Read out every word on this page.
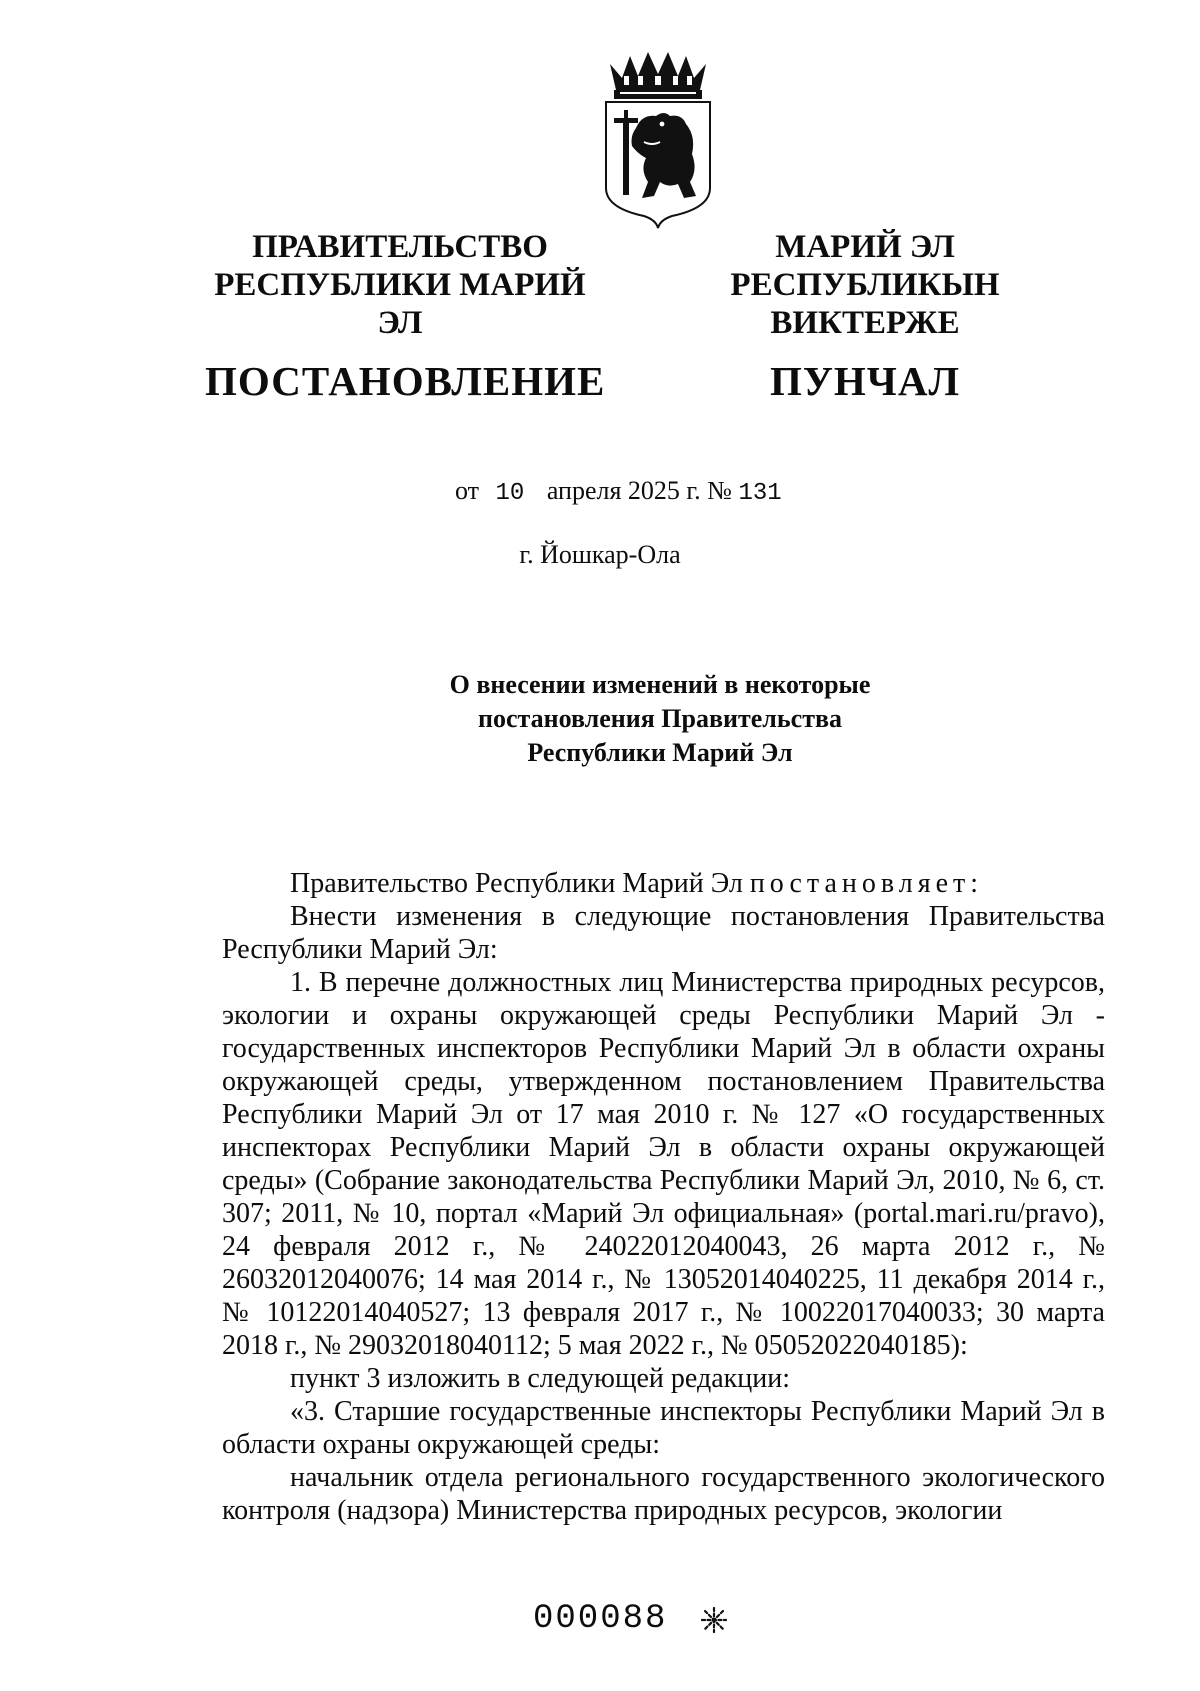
ПРАВИТЕЛЬСТВО
РЕСПУБЛИКИ МАРИЙ ЭЛ
ПОСТАНОВЛЕНИЕ
МАРИЙ ЭЛ РЕСПУБЛИКЫН
ВИКТЕРЖЕ
ПУНЧАЛ
от 10 апреля 2025 г. № 131
г. Йошкар-Ола
О внесении изменений в некоторые
постановления Правительства
Республики Марий Эл

Правительство Республики Марий Эл постановляет:

Внести изменения в следующие постановления Правительства Республики Марий Эл:

1. В перечне должностных лиц Министерства природных ресурсов, экологии и охраны окружающей среды Республики Марий Эл - государственных инспекторов Республики Марий Эл в области охраны окружающей среды, утвержденном постановлением Правительства Республики Марий Эл от 17 мая 2010 г. № 127 «О государственных инспекторах Республики Марий Эл в области охраны окружающей среды» (Собрание законодательства Республики Марий Эл, 2010, № 6, ст. 307; 2011, № 10, портал «Марий Эл официальная» (portal.mari.ru/pravo), 24 февраля 2012 г., № 24022012040043, 26 марта 2012 г., № 26032012040076; 14 мая 2014 г., № 13052014040225, 11 декабря 2014 г., № 10122014040527; 13 февраля 2017 г., № 10022017040033; 30 марта 2018 г., № 29032018040112; 5 мая 2022 г., № 05052022040185):

пункт 3 изложить в следующей редакции:

«3. Старшие государственные инспекторы Республики Марий Эл в области охраны окружающей среды:

начальник отдела регионального государственного экологического контроля (надзора) Министерства природных ресурсов, экологии

000088
